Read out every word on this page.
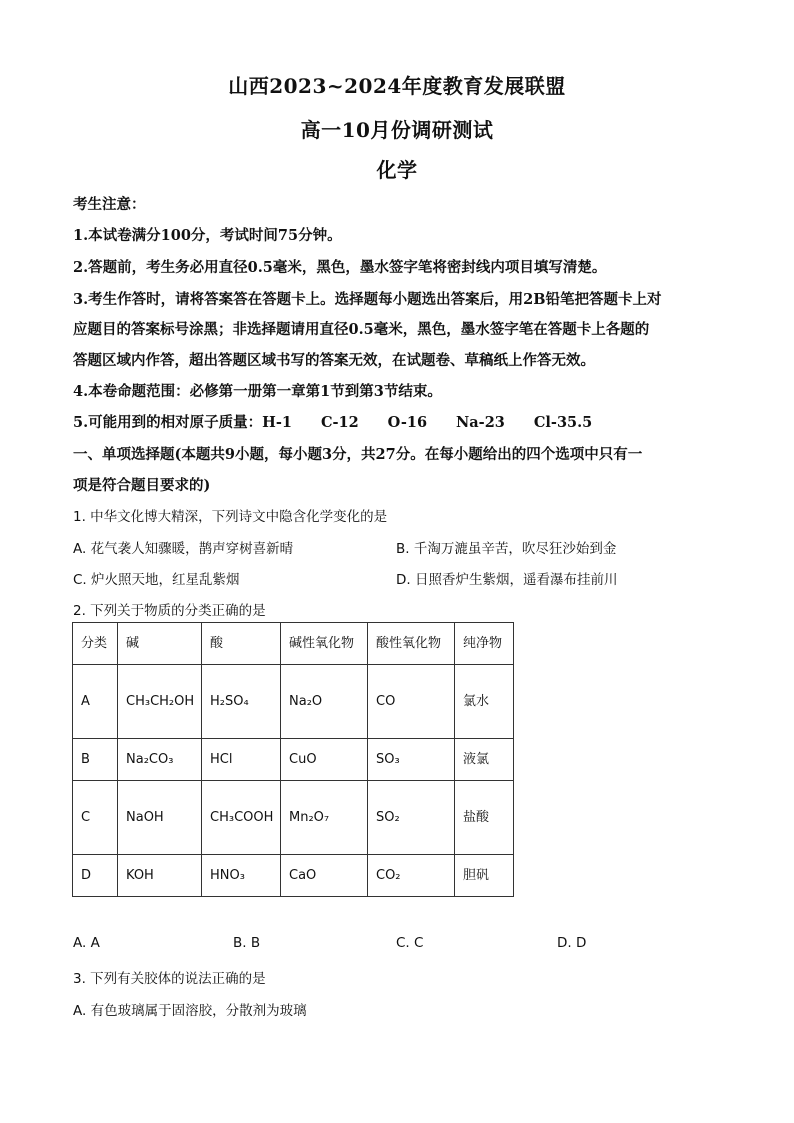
山西2023~2024年度教育发展联盟
高一10月份调研测试
化学
考生注意：
1.本试卷满分100分，考试时间75分钟。
2.答题前，考生务必用直径0.5毫米，黑色，墨水签字笔将密封线内项目填写清楚。
3.考生作答时，请将答案答在答题卡上。选择题每小题选出答案后，用2B铅笔把答题卡上对
应题目的答案标号涂黑；非选择题请用直径0.5毫米，黑色，墨水签字笔在答题卡上各题的
答题区域内作答，超出答题区域书写的答案无效，在试题卷、草稿纸上作答无效。
4.本卷命题范围：必修第一册第一章第1节到第3节结束。
5.可能用到的相对原子质量：H-1　　C-12　　O-16　　Na-23　　Cl-35.5
一、单项选择题(本题共9小题，每小题3分，共27分。在每小题给出的四个选项中只有一
项是符合题目要求的)
1. 中华文化博大精深，下列诗文中隐含化学变化的是
A. 花气袭人知骤暖，鹊声穿树喜新晴	B. 千淘万漉虽辛苦，吹尽狂沙始到金
C. 炉火照天地，红星乱紫烟	D. 日照香炉生紫烟，遥看瀑布挂前川
2. 下列关于物质的分类正确的是
分类	碱	酸	碱性氧化物	酸性氧化物	纯净物
A	CH₃CH₂OH	H₂SO₄	Na₂O	CO	氯水
B	Na₂CO₃	HCl	CuO	SO₃	液氯
C	NaOH	CH₃COOH	Mn₂O₇	SO₂	盐酸
D	KOH	HNO₃	CaO	CO₂	胆矾
A. A	B. B	C. C	D. D
3. 下列有关胶体的说法正确的是
A. 有色玻璃属于固溶胶，分散剂为玻璃
